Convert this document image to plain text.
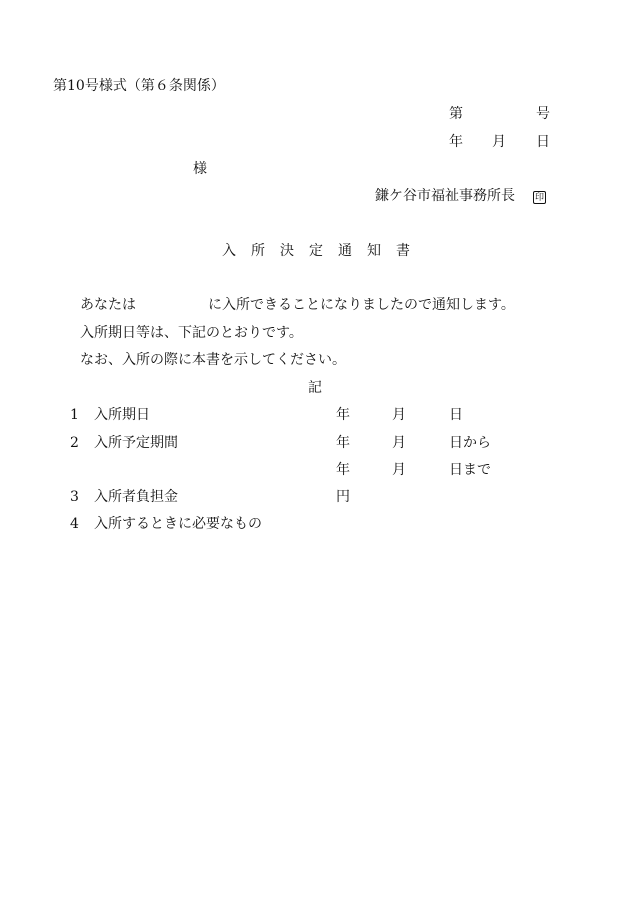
第10号様式（第６条関係）
第	号
年 月 日
様
鎌ケ谷市福祉事務所長 印
入　所　決　定　通　知　書
あなたは	に入所できることになりましたので通知します。
入所期日等は、下記のとおりです。
なお、入所の際に本書を示してください。
記
1 入所期日	年	月	日
2 入所予定期間	年	月	日から
年	月	日まで
3 入所者負担金	円
4 入所するときに必要なもの
